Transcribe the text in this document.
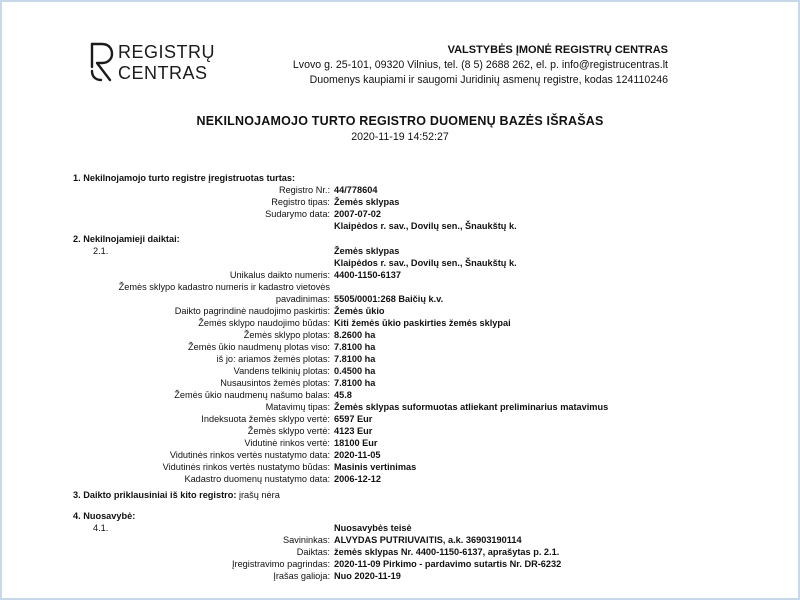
REGISTRŲ
CENTRAS
VALSTYBĖS ĮMONĖ REGISTRŲ CENTRAS
Lvovo g. 25-101, 09320 Vilnius, tel. (8 5) 2688 262, el. p. info@registrucentras.lt
Duomenys kaupiami ir saugomi Juridinių asmenų registre, kodas 124110246
NEKILNOJAMOJO TURTO REGISTRO DUOMENŲ BAZĖS IŠRAŠAS
2020-11-19 14:52:27
1. Nekilnojamojo turto registre įregistruotas turtas:
Registro Nr.: 44/778604
Registro tipas: Žemės sklypas
Sudarymo data: 2007-07-02
Klaipėdos r. sav., Dovilų sen., Šnaukštų k.
2. Nekilnojamieji daiktai:
2.1.	Žemės sklypas
Klaipėdos r. sav., Dovilų sen., Šnaukštų k.
Unikalus daikto numeris: 4400-1150-6137
Žemės sklypo kadastro numeris ir kadastro vietovės
pavadinimas: 5505/0001:268 Baičių k.v.
Daikto pagrindinė naudojimo paskirtis: Žemės ūkio
Žemės sklypo naudojimo būdas: Kiti žemės ūkio paskirties žemės sklypai
Žemės sklypo plotas: 8.2600 ha
Žemės ūkio naudmenų plotas viso: 7.8100 ha
iš jo: ariamos žemės plotas: 7.8100 ha
Vandens telkinių plotas: 0.4500 ha
Nusausintos žemės plotas: 7.8100 ha
Žemės ūkio naudmenų našumo balas: 45.8
Matavimų tipas: Žemės sklypas suformuotas atliekant preliminarius matavimus
Indeksuota žemės sklypo vertė: 6597 Eur
Žemės sklypo vertė: 4123 Eur
Vidutinė rinkos vertė: 18100 Eur
Vidutinės rinkos vertės nustatymo data: 2020-11-05
Vidutinės rinkos vertės nustatymo būdas: Masinis vertinimas
Kadastro duomenų nustatymo data: 2006-12-12
3. Daikto priklausiniai iš kito registro: įrašų nėra
4. Nuosavybė:
4.1.	Nuosavybės teisė
Savininkas: ALVYDAS PUTRIUVAITIS, a.k. 36903190114
Daiktas: žemės sklypas Nr. 4400-1150-6137, aprašytas p. 2.1.
Įregistravimo pagrindas: 2020-11-09 Pirkimo - pardavimo sutartis Nr. DR-6232
Įrašas galioja: Nuo 2020-11-19
